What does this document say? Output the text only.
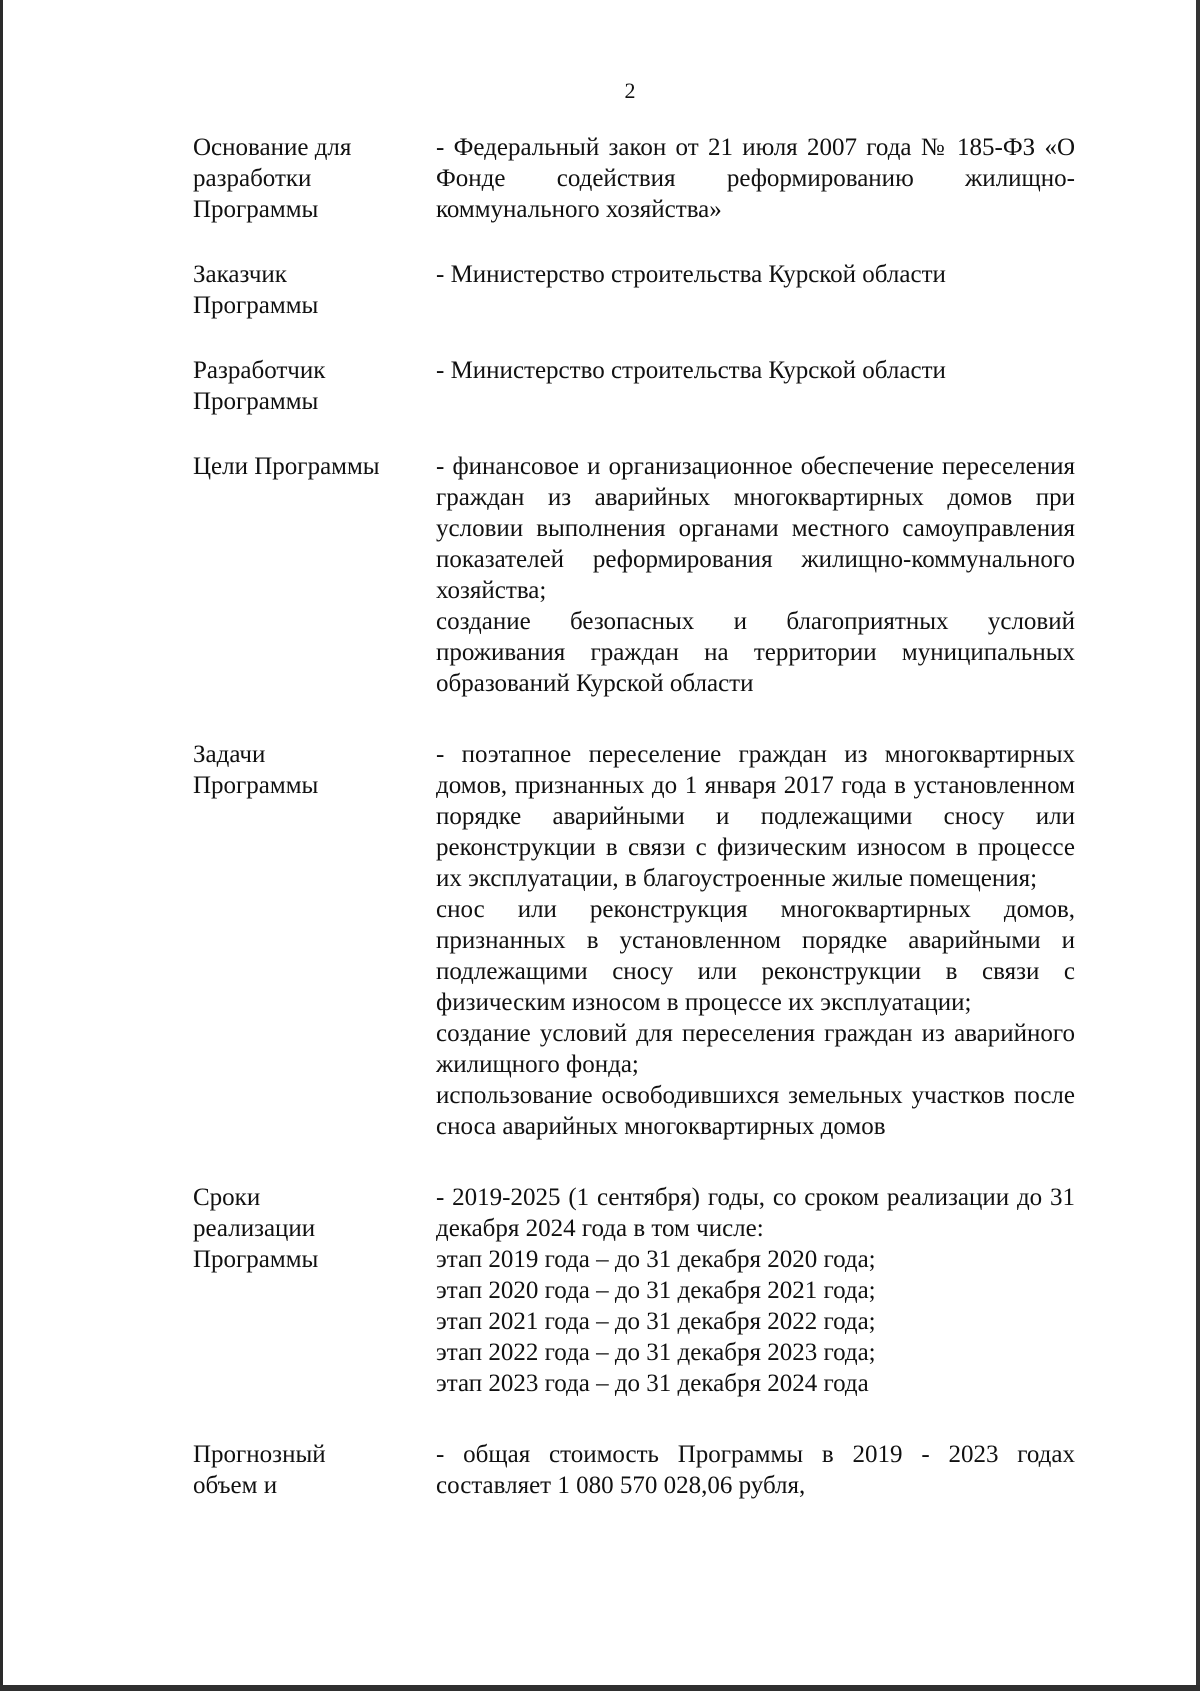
2
Основание для
разработки
Программы
- Федеральный закон от 21 июля 2007 года № 185-ФЗ «О Фонде содействия реформированию жилищно-коммунального хозяйства»
Заказчик
Программы
- Министерство строительства Курской области
Разработчик
Программы
- Министерство строительства Курской области
Цели Программы	- финансовое и организационное обеспечение переселения граждан из аварийных многоквартирных домов при условии выполнения органами местного самоуправления показателей реформирования жилищно-коммунального хозяйства;
создание безопасных и благоприятных условий проживания граждан на территории муниципальных образований Курской области
Задачи
Программы
- поэтапное переселение граждан из многоквартирных домов, признанных до 1 января 2017 года в установленном порядке аварийными и подлежащими сносу или реконструкции в связи с физическим износом в процессе их эксплуатации, в благоустроенные жилые помещения;
снос или реконструкция многоквартирных домов, признанных в установленном порядке аварийными и подлежащими сносу или реконструкции в связи с физическим износом в процессе их эксплуатации;
создание условий для переселения граждан из аварийного жилищного фонда;
использование освободившихся земельных участков после сноса аварийных многоквартирных домов
Сроки
реализации
Программы
- 2019-2025 (1 сентября) годы, со сроком реализации до 31 декабря 2024 года в том числе:
этап 2019 года – до 31 декабря 2020 года;
этап 2020 года – до 31 декабря 2021 года;
этап 2021 года – до 31 декабря 2022 года;
этап 2022 года – до 31 декабря 2023 года;
этап 2023 года – до 31 декабря 2024 года
Прогнозный
объем и
- общая стоимость Программы в 2019 - 2023 годах составляет 1 080 570 028,06 рубля,
